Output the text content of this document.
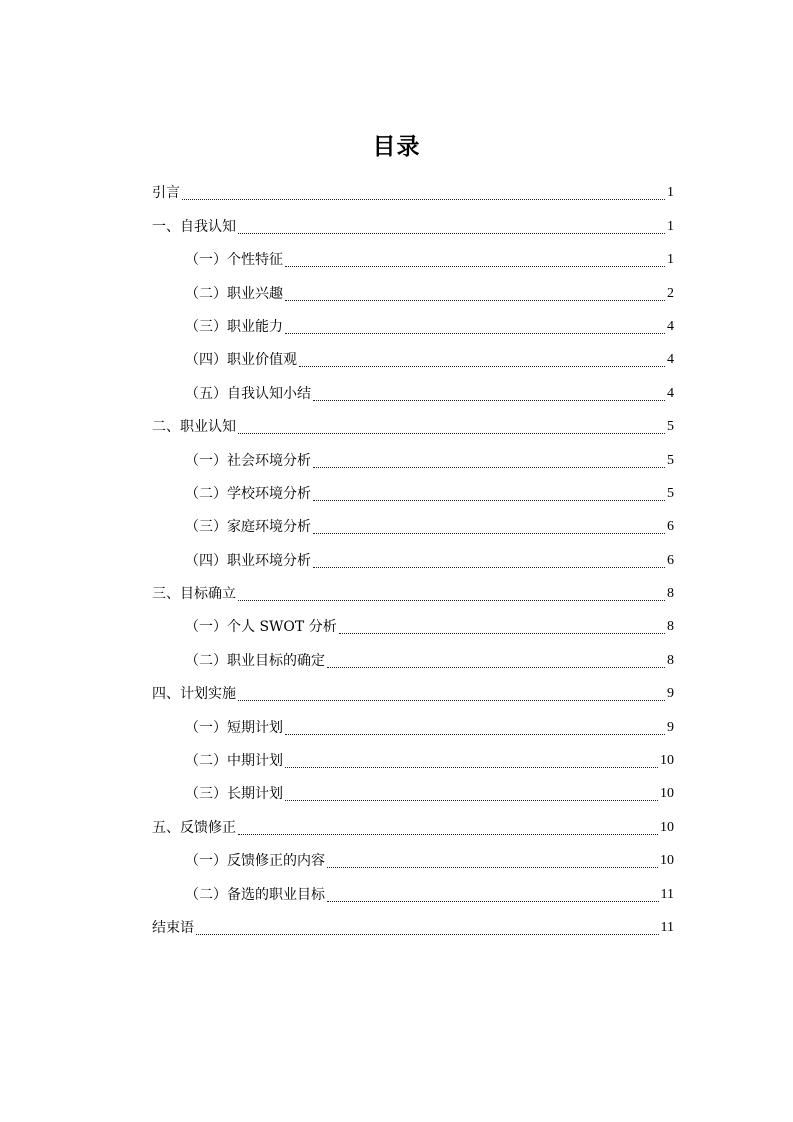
目录
引言	1
一、自我认知	1
（一）个性特征	1
（二）职业兴趣	2
（三）职业能力	4
（四）职业价值观	4
（五）自我认知小结	4
二、职业认知	5
（一）社会环境分析	5
（二）学校环境分析	5
（三）家庭环境分析	6
（四）职业环境分析	6
三、目标确立	8
（一）个人 SWOT 分析	8
（二）职业目标的确定	8
四、计划实施	9
（一）短期计划	9
（二）中期计划	10
（三）长期计划	10
五、反馈修正	10
（一）反馈修正的内容	10
（二）备选的职业目标	11
结束语	11
